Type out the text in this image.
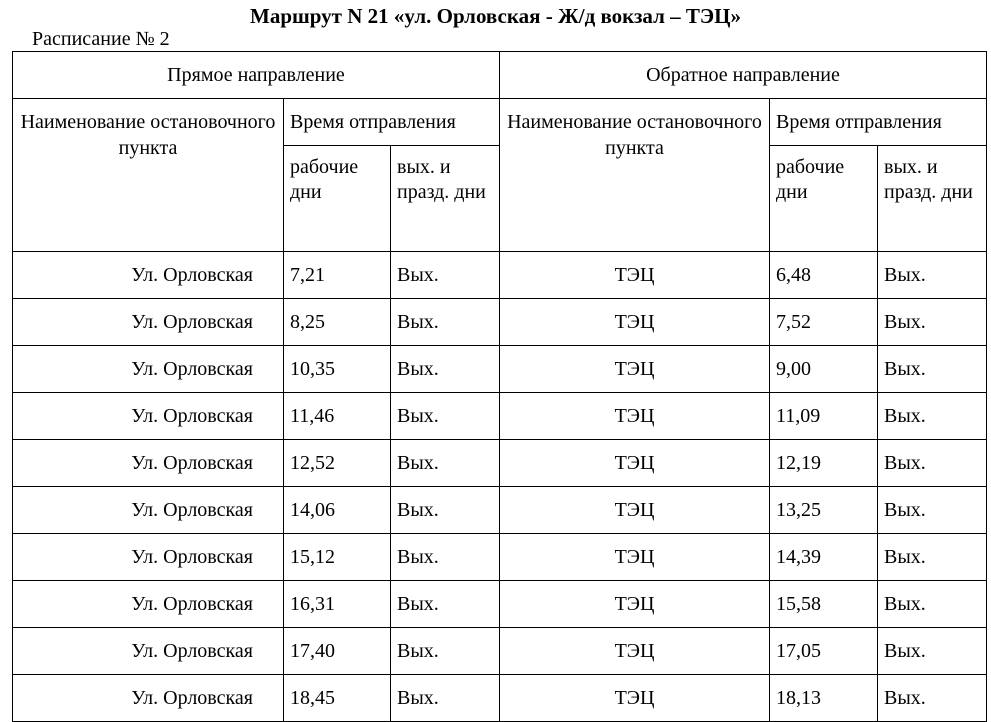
Маршрут N 21 «ул. Орловская - Ж/д вокзал – ТЭЦ»
Расписание № 2
Прямое направление			Обратное направление		
Наименование остановочного пункта	Время отправления		Наименование остановочного пункта	Время отправления	
	рабочие дни	вых. и празд. дни		рабочие дни	вых. и празд. дни
Ул. Орловская	7,21	Вых.	ТЭЦ	6,48	Вых.
Ул. Орловская	8,25	Вых.	ТЭЦ	7,52	Вых.
Ул. Орловская	10,35	Вых.	ТЭЦ	9,00	Вых.
Ул. Орловская	11,46	Вых.	ТЭЦ	11,09	Вых.
Ул. Орловская	12,52	Вых.	ТЭЦ	12,19	Вых.
Ул. Орловская	14,06	Вых.	ТЭЦ	13,25	Вых.
Ул. Орловская	15,12	Вых.	ТЭЦ	14,39	Вых.
Ул. Орловская	16,31	Вых.	ТЭЦ	15,58	Вых.
Ул. Орловская	17,40	Вых.	ТЭЦ	17,05	Вых.
Ул. Орловская	18,45	Вых.	ТЭЦ	18,13	Вых.
